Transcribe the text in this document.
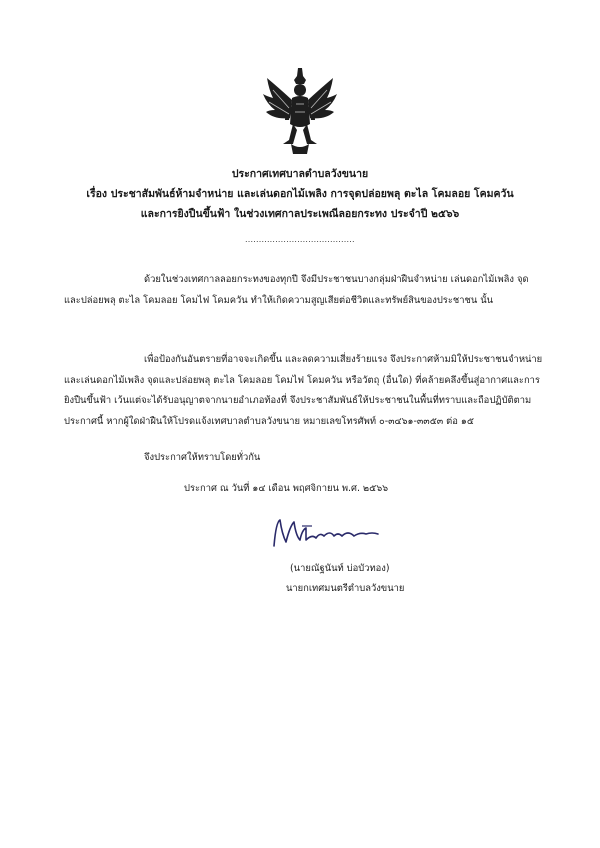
ประกาศเทศบาลตำบลวังขนาย
เรื่อง ประชาสัมพันธ์ห้ามจำหน่าย และเล่นดอกไม้เพลิง การจุดปล่อยพลุ ตะไล โคมลอย โคมควัน
และการยิงปืนขึ้นฟ้า ในช่วงเทศกาลประเพณีลอยกระทง ประจำปี ๒๕๖๖
........................................

ด้วยในช่วงเทศกาลลอยกระทงของทุกปี จึงมีประชาชนบางกลุ่มฝ่าฝืนจำหน่าย เล่นดอกไม้เพลิง จุดและปล่อยพลุ ตะไล โคมลอย โคมไฟ โคมควัน ทำให้เกิดความสูญเสียต่อชีวิตและทรัพย์สินของประชาชน นั้น

เพื่อป้องกันอันตรายที่อาจจะเกิดขึ้น และลดความเสี่ยงร้ายแรง จึงประกาศห้ามมิให้ประชาชนจำหน่ายและเล่นดอกไม้เพลิง จุดและปล่อยพลุ ตะไล โคมลอย โคมไฟ โคมควัน หรือวัตถุ (อื่นใด) ที่คล้ายคลึงขึ้นสู่อากาศและการยิงปืนขึ้นฟ้า เว้นแต่จะได้รับอนุญาตจากนายอำเภอท้องที่ จึงประชาสัมพันธ์ให้ประชาชนในพื้นที่ทราบและถือปฏิบัติตามประกาศนี้ หากผู้ใดฝ่าฝืนให้โปรดแจ้งเทศบาลตำบลวังขนาย หมายเลขโทรศัพท์ ๐-๓๔๖๑-๓๓๕๓ ต่อ ๑๕

จึงประกาศให้ทราบโดยทั่วกัน
ประกาศ ณ วันที่ ๑๔ เดือน พฤศจิกายน พ.ศ. ๒๕๖๖
(นายณัฐนันท์ บ่อบัวทอง)
นายกเทศมนตรีตำบลวังขนาย
